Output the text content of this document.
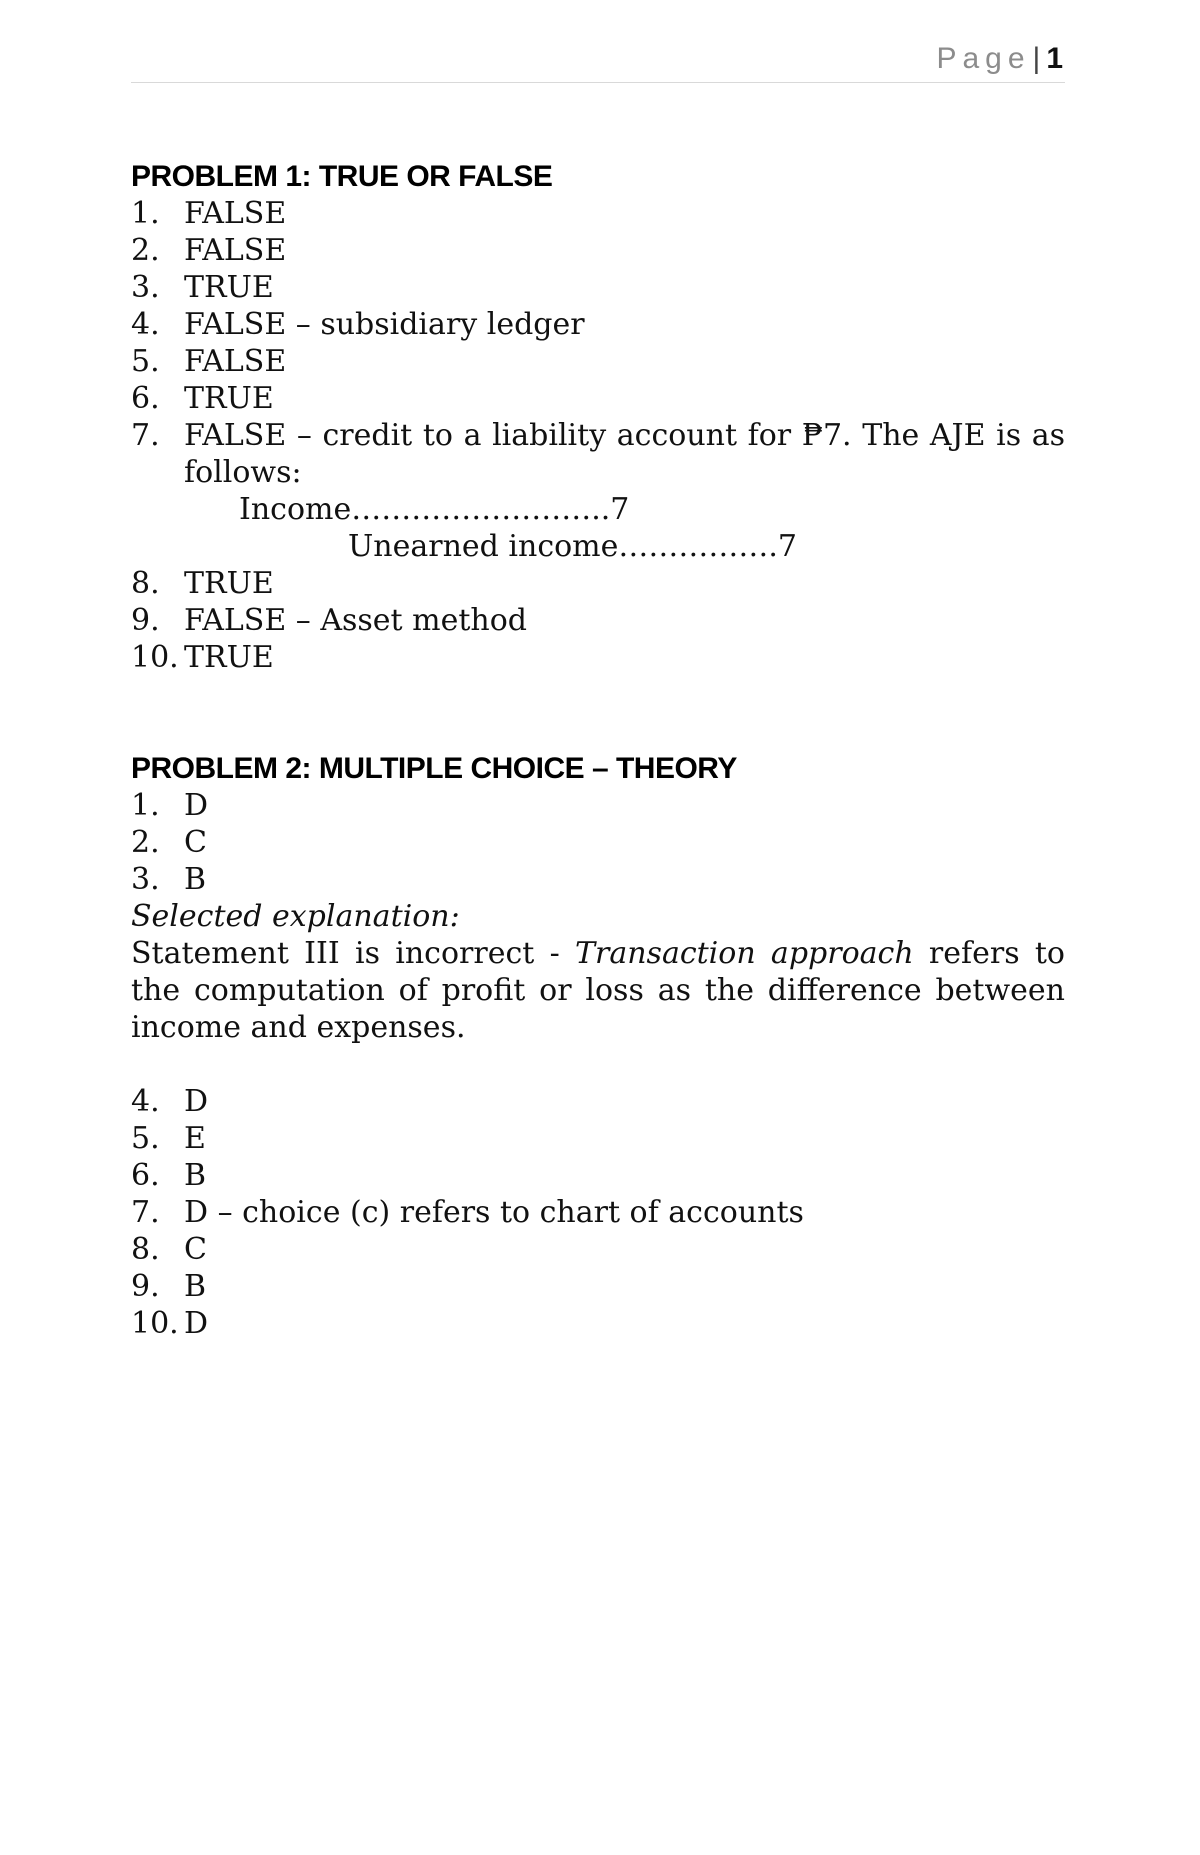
Page| 1
PROBLEM 1: TRUE OR FALSE
1. FALSE
2. FALSE
3. TRUE
4. FALSE – subsidiary ledger
5. FALSE
6. TRUE
7. FALSE – credit to a liability account for ₱7. The AJE is as follows:
Income……………………..7
Unearned income…………….7
8. TRUE
9. FALSE – Asset method
10. TRUE
PROBLEM 2: MULTIPLE CHOICE – THEORY
1. D
2. C
3. B
Selected explanation:
Statement III is incorrect - Transaction approach refers to the computation of profit or loss as the difference between income and expenses.
4. D
5. E
6. B
7. D – choice (c) refers to chart of accounts
8. C
9. B
10. D
